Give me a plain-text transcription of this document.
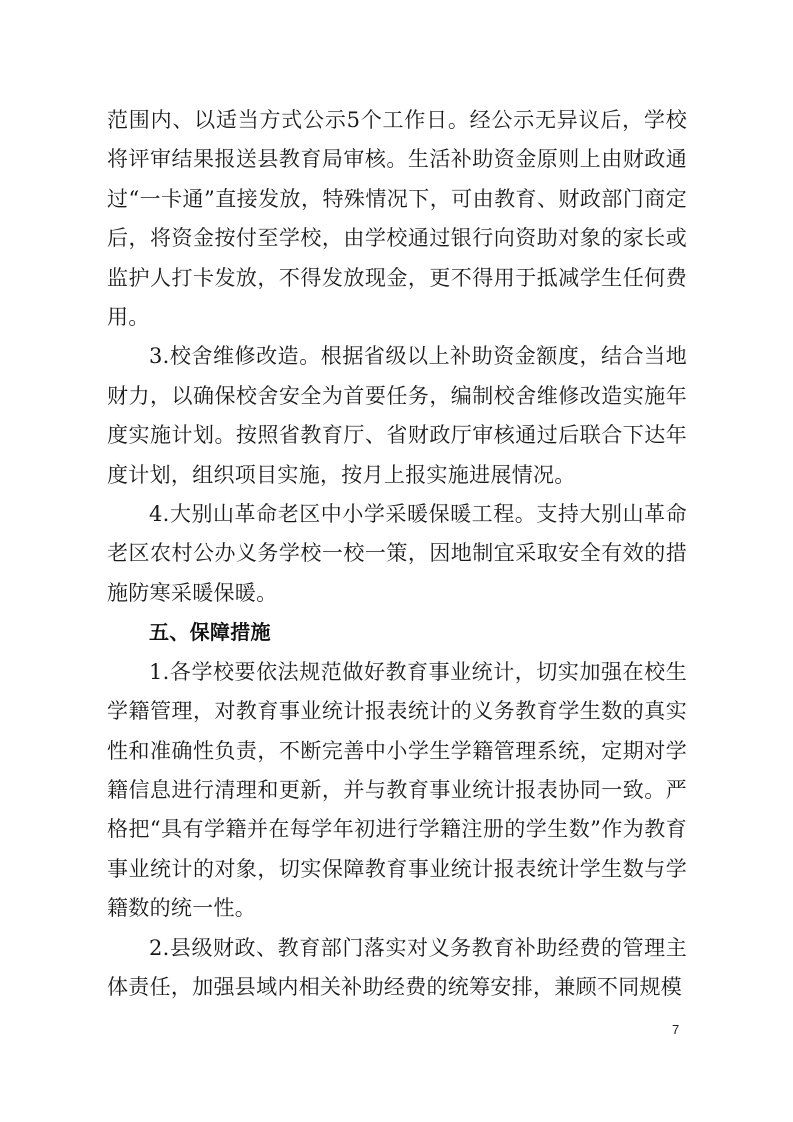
范围内、以适当方式公示5个工作日。经公示无异议后，学校将评审结果报送县教育局审核。生活补助资金原则上由财政通过“一卡通”直接发放，特殊情况下，可由教育、财政部门商定后，将资金按付至学校，由学校通过银行向资助对象的家长或监护人打卡发放，不得发放现金，更不得用于抵减学生任何费用。

3.校舍维修改造。根据省级以上补助资金额度，结合当地财力，以确保校舍安全为首要任务，编制校舍维修改造实施年度实施计划。按照省教育厅、省财政厅审核通过后联合下达年度计划，组织项目实施，按月上报实施进展情况。

4.大别山革命老区中小学采暖保暖工程。支持大别山革命老区农村公办义务学校一校一策，因地制宜采取安全有效的措施防寒采暖保暖。

五、保障措施

1.各学校要依法规范做好教育事业统计，切实加强在校生学籍管理，对教育事业统计报表统计的义务教育学生数的真实性和准确性负责，不断完善中小学生学籍管理系统，定期对学籍信息进行清理和更新，并与教育事业统计报表协同一致。严格把“具有学籍并在每学年初进行学籍注册的学生数”作为教育事业统计的对象，切实保障教育事业统计报表统计学生数与学籍数的统一性。

2.县级财政、教育部门落实对义务教育补助经费的管理主体责任，加强县域内相关补助经费的统筹安排，兼顾不同规模

7
